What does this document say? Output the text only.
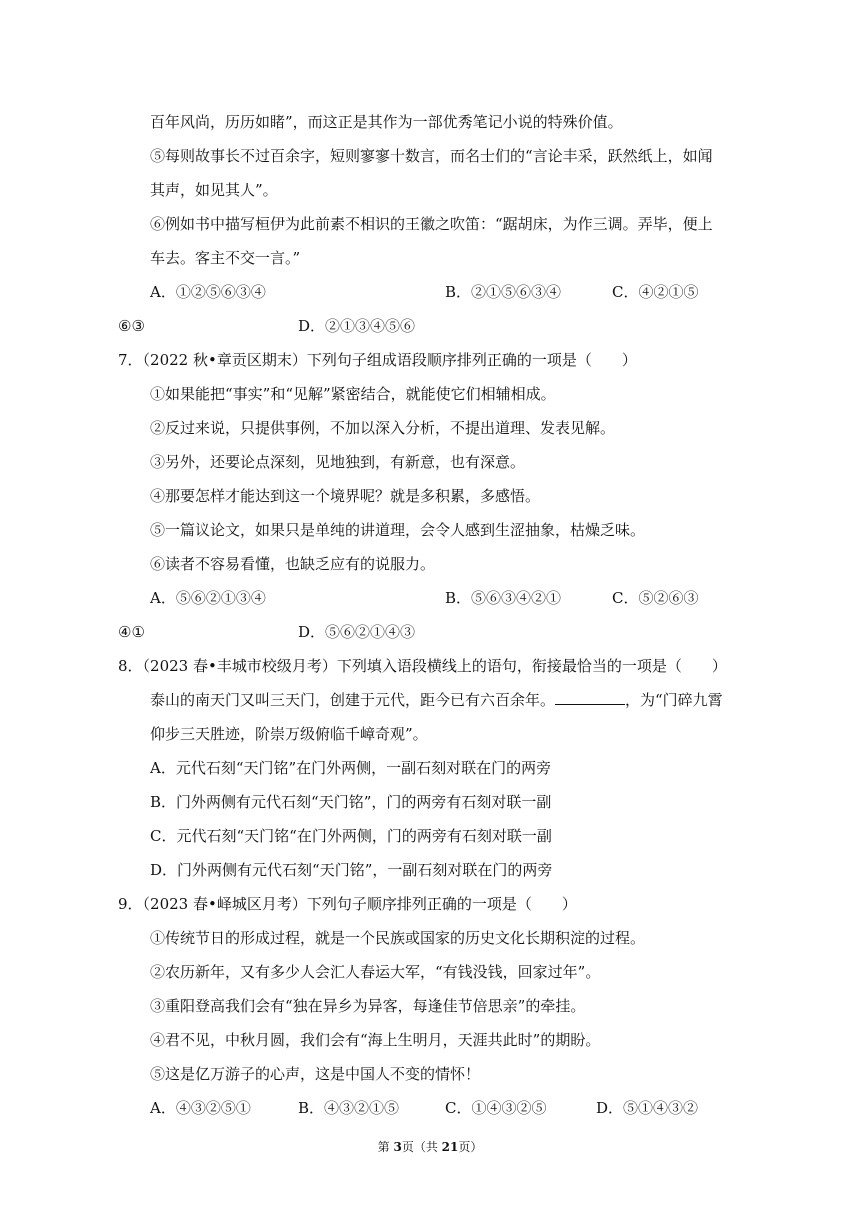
百年风尚，历历如睹”，而这正是其作为一部优秀笔记小说的特殊价值。
⑤每则故事长不过百余字，短则寥寥十数言，而名士们的“言论丰采，跃然纸上，如闻
其声，如见其人”。
⑥例如书中描写桓伊为此前素不相识的王徽之吹笛：“踞胡床，为作三调。弄毕，便上
车去。客主不交一言。”
A．①②⑤⑥③④	B．②①⑤⑥③④	C．④②①⑤
⑥③	D．②①③④⑤⑥
7．（2022 秋•章贡区期末）下列句子组成语段顺序排列正确的一项是（　　）
①如果能把“事实”和“见解”紧密结合，就能使它们相辅相成。
②反过来说，只提供事例，不加以深入分析，不提出道理、发表见解。
③另外，还要论点深刻，见地独到，有新意，也有深意。
④那要怎样才能达到这一个境界呢？就是多积累，多感悟。
⑤一篇议论文，如果只是单纯的讲道理，会令人感到生涩抽象，枯燥乏味。
⑥读者不容易看懂，也缺乏应有的说服力。
A．⑤⑥②①③④	B．⑤⑥③④②①	C．⑤②⑥③
④①	D．⑤⑥②①④③
8．（2023 春•丰城市校级月考）下列填入语段横线上的语句，衔接最恰当的一项是（　　）
泰山的南天门又叫三天门，创建于元代，距今已有六百余年。	，为“门碎九霄
仰步三天胜迹，阶崇万级俯临千嶂奇观”。
A．元代石刻“天门铭”在门外两侧，一副石刻对联在门的两旁
B．门外两侧有元代石刻“天门铭”，门的两旁有石刻对联一副
C．元代石刻“天门铭“在门外两侧，门的两旁有石刻对联一副
D．门外两侧有元代石刻“天门铭”，一副石刻对联在门的两旁
9．（2023 春•峄城区月考）下列句子顺序排列正确的一项是（　　）
①传统节日的形成过程，就是一个民族或国家的历史文化长期积淀的过程。
②农历新年，又有多少人会汇人春运大军，“有钱没钱，回家过年”。
③重阳登高我们会有“独在异乡为异客，每逢佳节倍思亲”的牵挂。
④君不见，中秋月圆，我们会有“海上生明月，天涯共此时”的期盼。
⑤这是亿万游子的心声，这是中国人不变的情怀！
A．④③②⑤①	B．④③②①⑤	C．①④③②⑤	D．⑤①④③②
第 3页（共 21页）
